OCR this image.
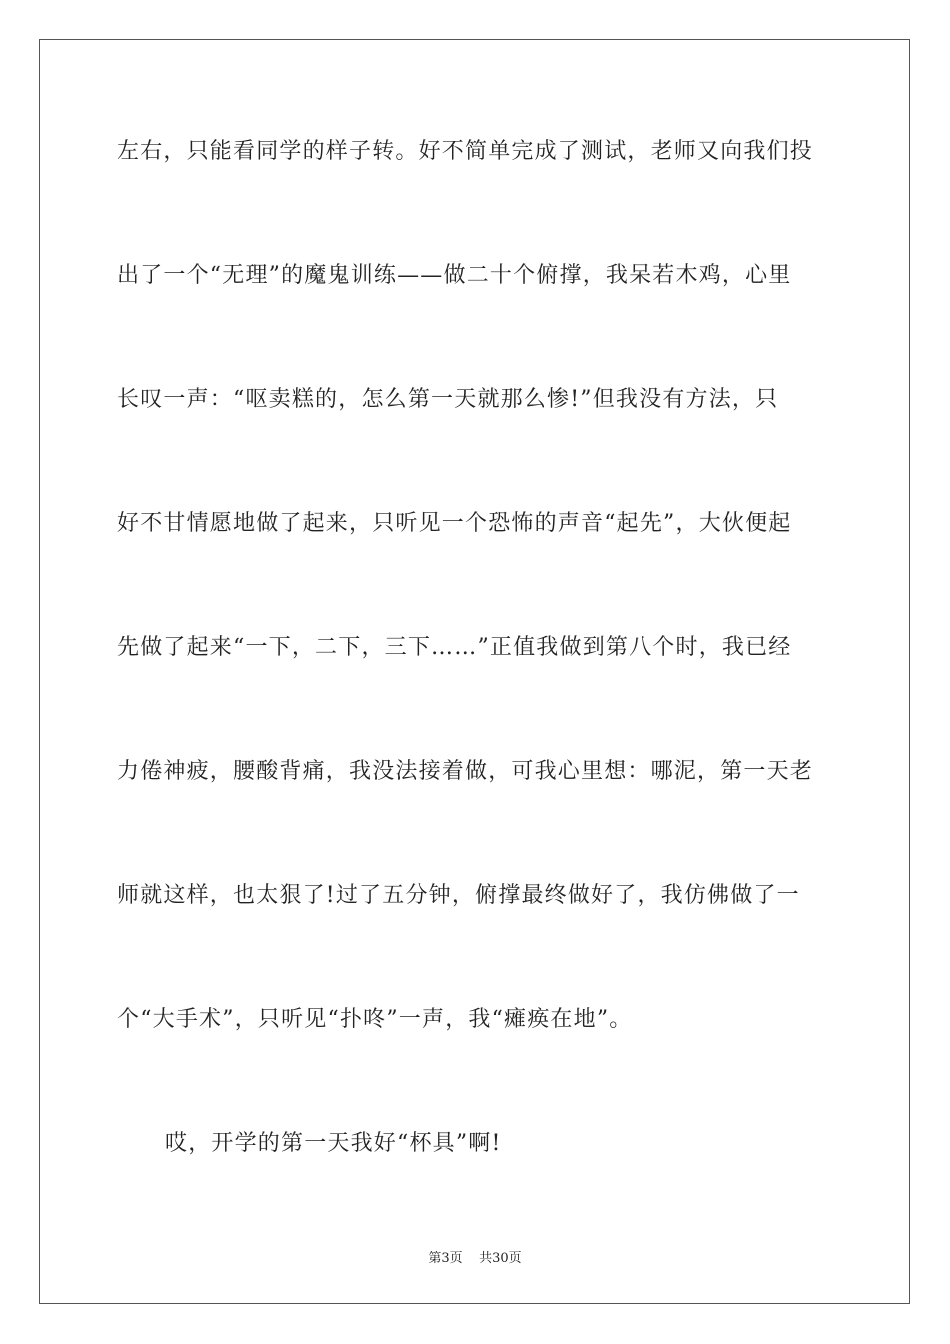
左右，只能看同学的样子转。好不简单完成了测试，老师又向我们投
出了一个“无理”的魔鬼训练——做二十个俯撑，我呆若木鸡，心里
长叹一声：“呕卖糕的，怎么第一天就那么惨!”但我没有方法，只
好不甘情愿地做了起来，只听见一个恐怖的声音“起先”，大伙便起
先做了起来“一下，二下，三下……”正值我做到第八个时，我已经
力倦神疲，腰酸背痛，我没法接着做，可我心里想：哪泥，第一天老
师就这样，也太狠了!过了五分钟，俯撑最终做好了，我仿佛做了一
个“大手术”，只听见“扑咚”一声，我“瘫痪在地”。
哎，开学的第一天我好“杯具”啊!
第3页    共30页
